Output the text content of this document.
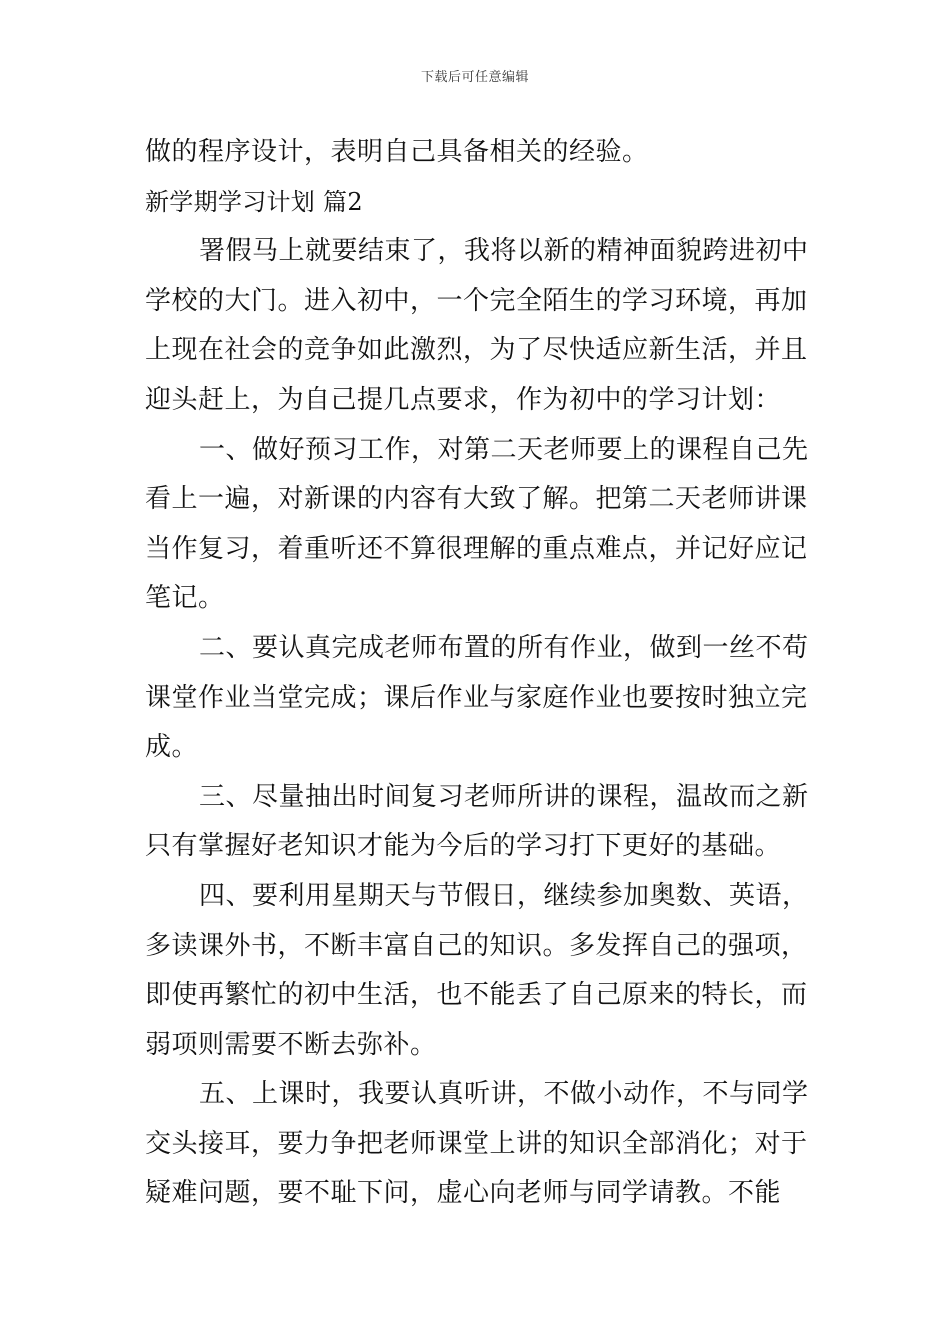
下载后可任意编辑
做的程序设计，表明自己具备相关的经验。
新学期学习计划 篇2
署假马上就要结束了，我将以新的精神面貌跨进初中
学校的大门。进入初中，一个完全陌生的学习环境，再加
上现在社会的竞争如此激烈，为了尽快适应新生活，并且
迎头赶上，为自己提几点要求，作为初中的学习计划：
一、做好预习工作，对第二天老师要上的课程自己先
看上一遍，对新课的内容有大致了解。把第二天老师讲课
当作复习，着重听还不算很理解的重点难点，并记好应记
笔记。
二、要认真完成老师布置的所有作业，做到一丝不苟
课堂作业当堂完成；课后作业与家庭作业也要按时独立完
成。
三、尽量抽出时间复习老师所讲的课程，温故而之新
只有掌握好老知识才能为今后的学习打下更好的基础。
四、要利用星期天与节假日，继续参加奥数、英语，
多读课外书，不断丰富自己的知识。多发挥自己的强项，
即使再繁忙的初中生活，也不能丢了自己原来的特长，而
弱项则需要不断去弥补。
五、上课时，我要认真听讲，不做小动作，不与同学
交头接耳，要力争把老师课堂上讲的知识全部消化；对于
疑难问题，要不耻下问，虚心向老师与同学请教。不能
